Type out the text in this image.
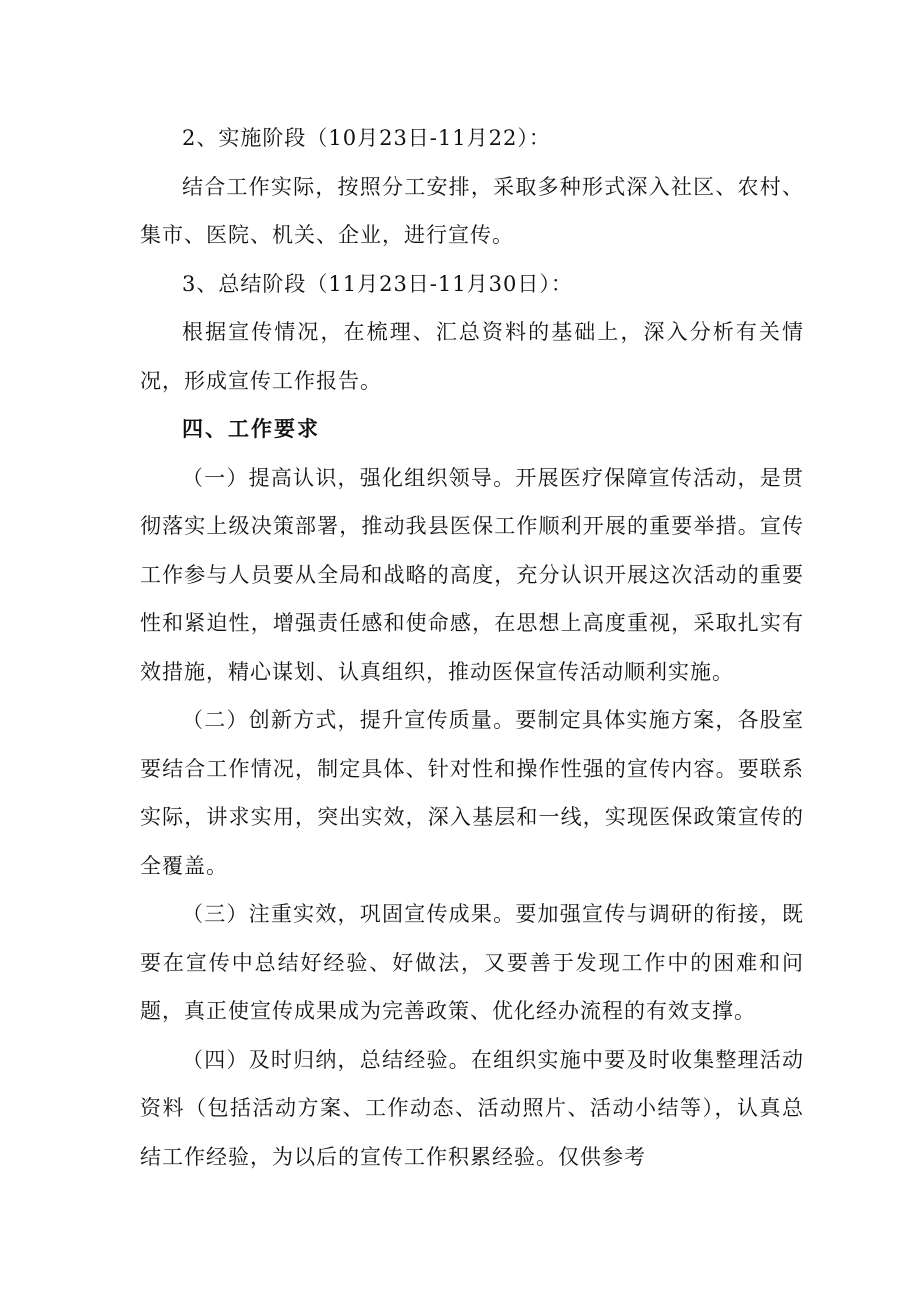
2、实施阶段（10月23日-11月22）：

结合工作实际，按照分工安排，采取多种形式深入社区、农村、集市、医院、机关、企业，进行宣传。

3、总结阶段（11月23日-11月30日）：

根据宣传情况，在梳理、汇总资料的基础上，深入分析有关情况，形成宣传工作报告。

四、工作要求

（一）提高认识，强化组织领导。开展医疗保障宣传活动，是贯彻落实上级决策部署，推动我县医保工作顺利开展的重要举措。宣传工作参与人员要从全局和战略的高度，充分认识开展这次活动的重要性和紧迫性，增强责任感和使命感，在思想上高度重视，采取扎实有效措施，精心谋划、认真组织，推动医保宣传活动顺利实施。

（二）创新方式，提升宣传质量。要制定具体实施方案，各股室要结合工作情况，制定具体、针对性和操作性强的宣传内容。要联系实际，讲求实用，突出实效，深入基层和一线，实现医保政策宣传的全覆盖。

（三）注重实效，巩固宣传成果。要加强宣传与调研的衔接，既要在宣传中总结好经验、好做法，又要善于发现工作中的困难和问题，真正使宣传成果成为完善政策、优化经办流程的有效支撑。

（四）及时归纳，总结经验。在组织实施中要及时收集整理活动资料（包括活动方案、工作动态、活动照片、活动小结等），认真总结工作经验，为以后的宣传工作积累经验。仅供参考
